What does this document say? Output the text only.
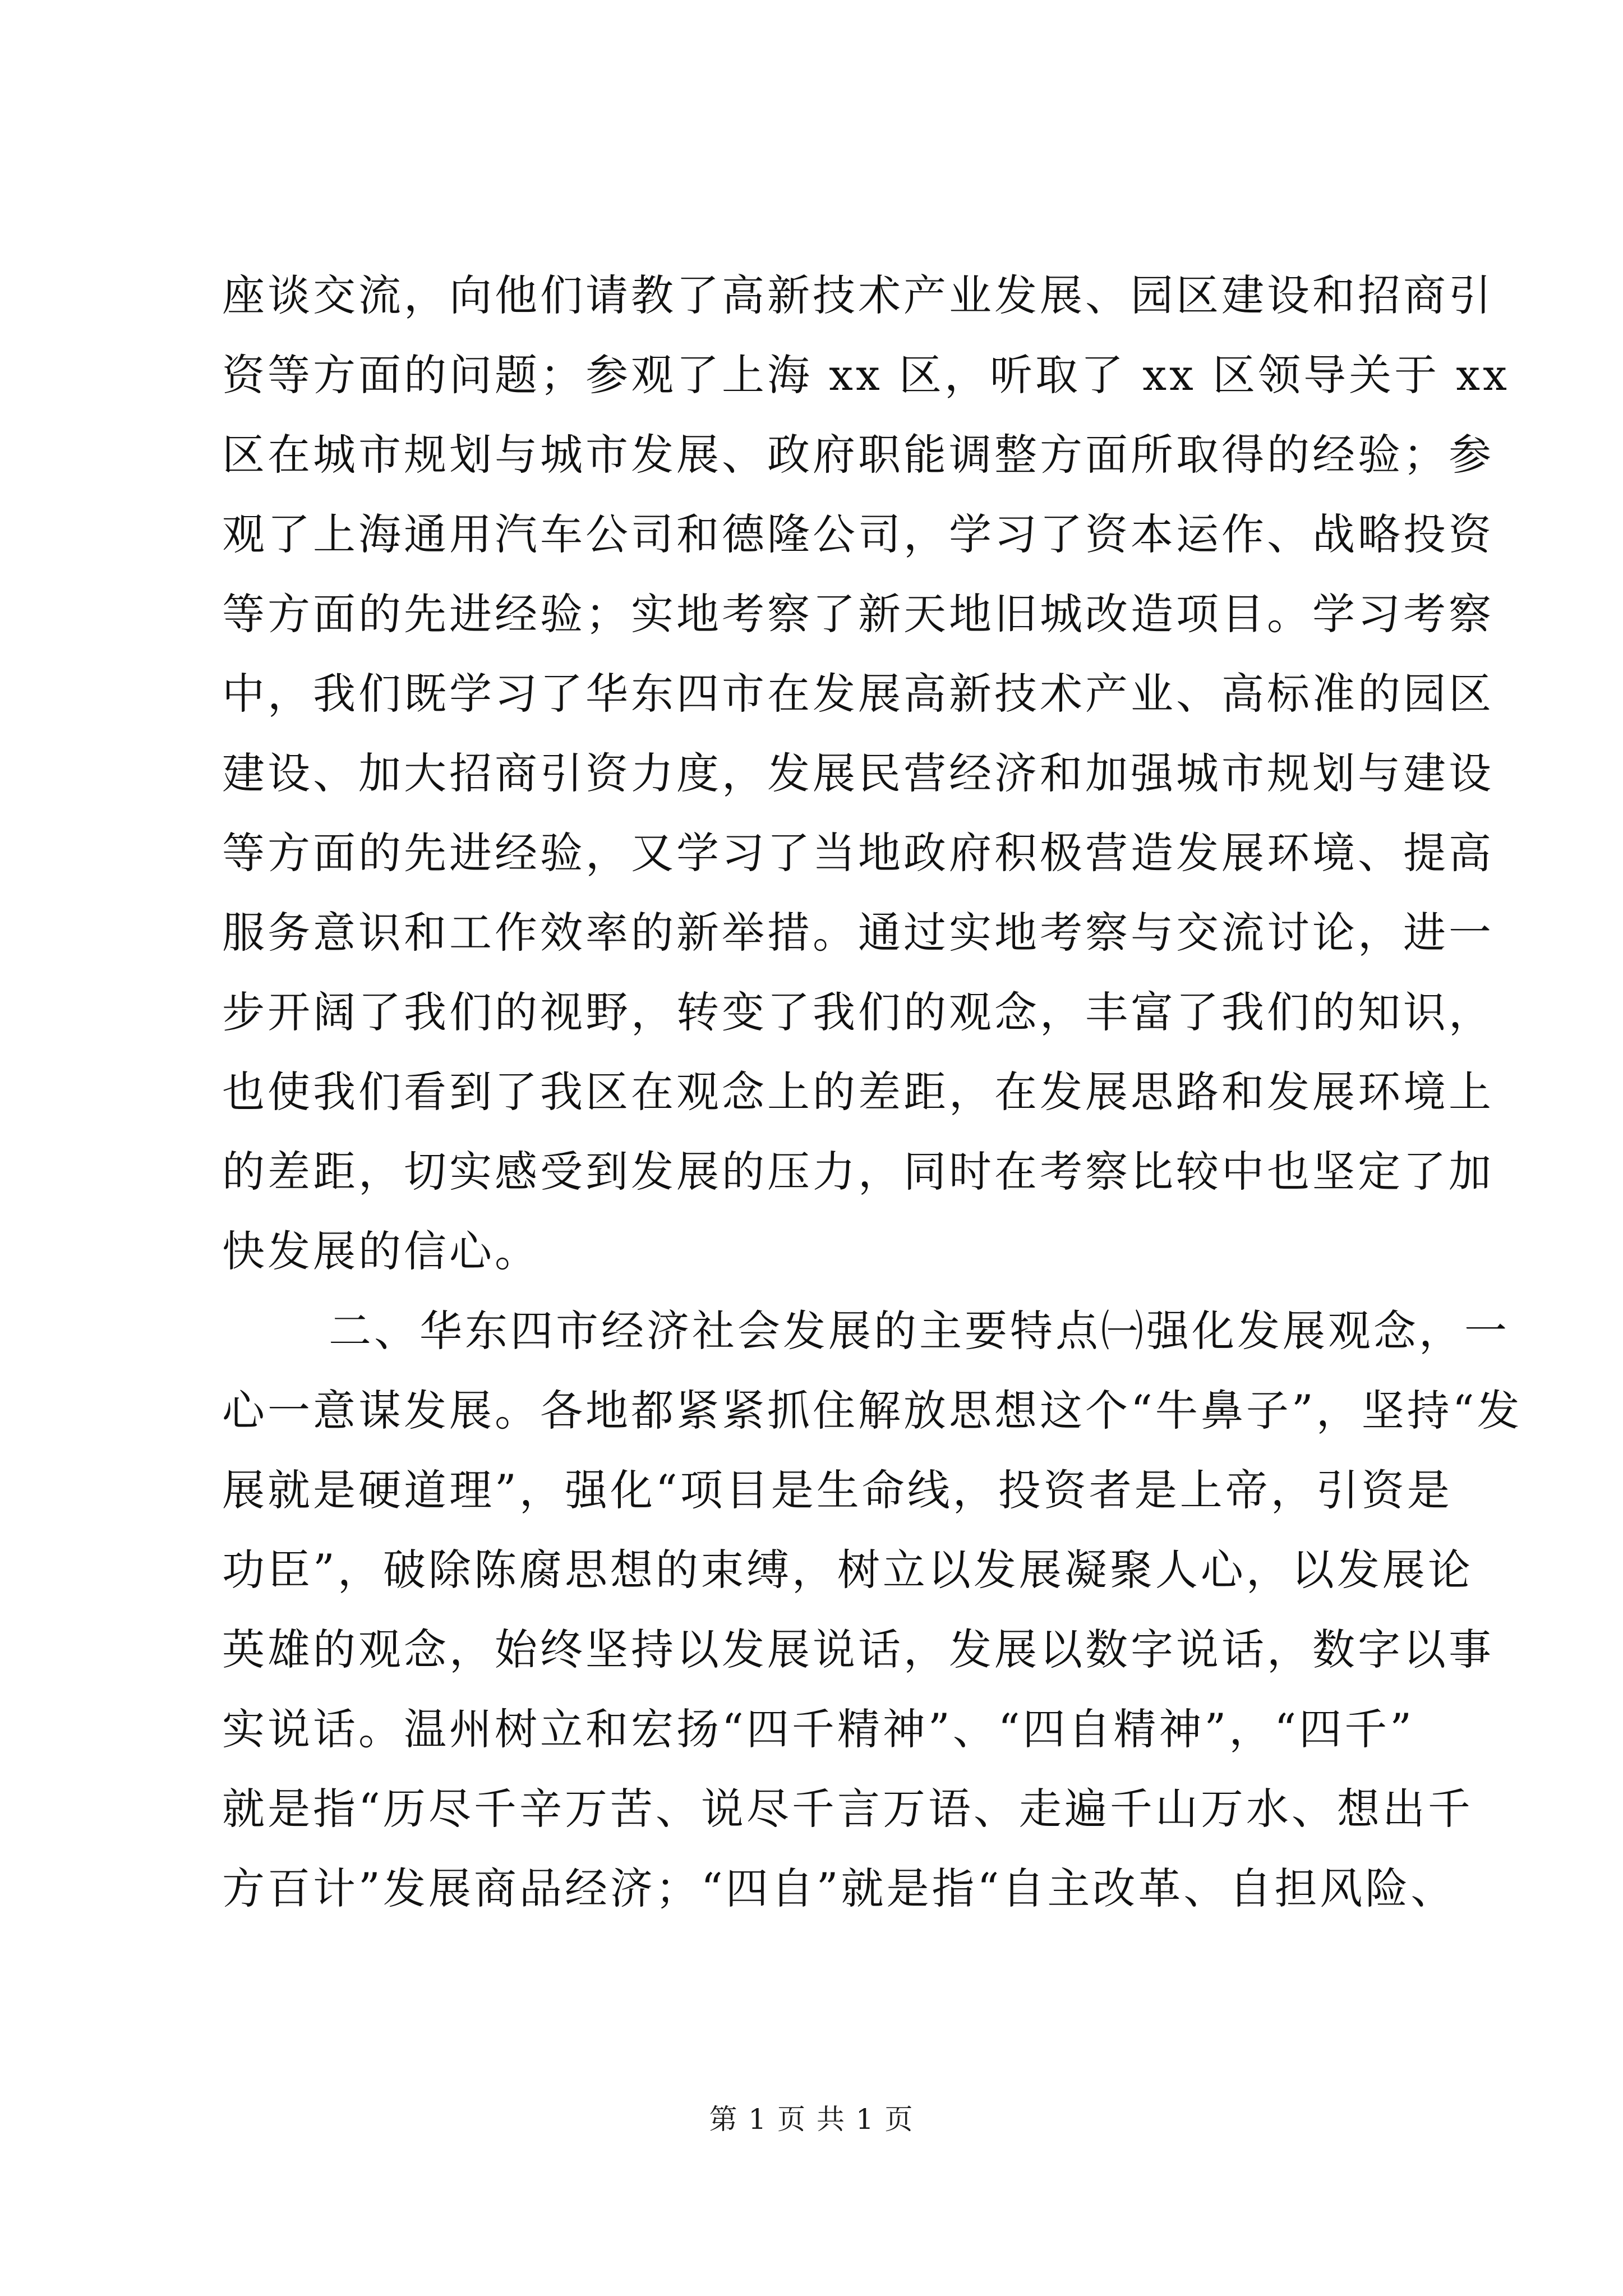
座谈交流，向他们请教了高新技术产业发展、园区建设和招商引
资等方面的问题；参观了上海 xx 区，听取了 xx 区领导关于 xx
区在城市规划与城市发展、政府职能调整方面所取得的经验；参
观了上海通用汽车公司和德隆公司，学习了资本运作、战略投资
等方面的先进经验；实地考察了新天地旧城改造项目。学习考察
中，我们既学习了华东四市在发展高新技术产业、高标准的园区
建设、加大招商引资力度，发展民营经济和加强城市规划与建设
等方面的先进经验，又学习了当地政府积极营造发展环境、提高
服务意识和工作效率的新举措。通过实地考察与交流讨论，进一
步开阔了我们的视野，转变了我们的观念，丰富了我们的知识，
也使我们看到了我区在观念上的差距，在发展思路和发展环境上
的差距，切实感受到发展的压力，同时在考察比较中也坚定了加
快发展的信心。
二、华东四市经济社会发展的主要特点㈠强化发展观念，一
心一意谋发展。各地都紧紧抓住解放思想这个“牛鼻子”，坚持“发
展就是硬道理”，强化“项目是生命线，投资者是上帝，引资是
功臣”，破除陈腐思想的束缚，树立以发展凝聚人心，以发展论
英雄的观念，始终坚持以发展说话，发展以数字说话，数字以事
实说话。温州树立和宏扬“四千精神”、“四自精神”，“四千”
就是指“历尽千辛万苦、说尽千言万语、走遍千山万水、想出千
方百计”发展商品经济；“四自”就是指“自主改革、自担风险、
第 1 页 共 1 页
